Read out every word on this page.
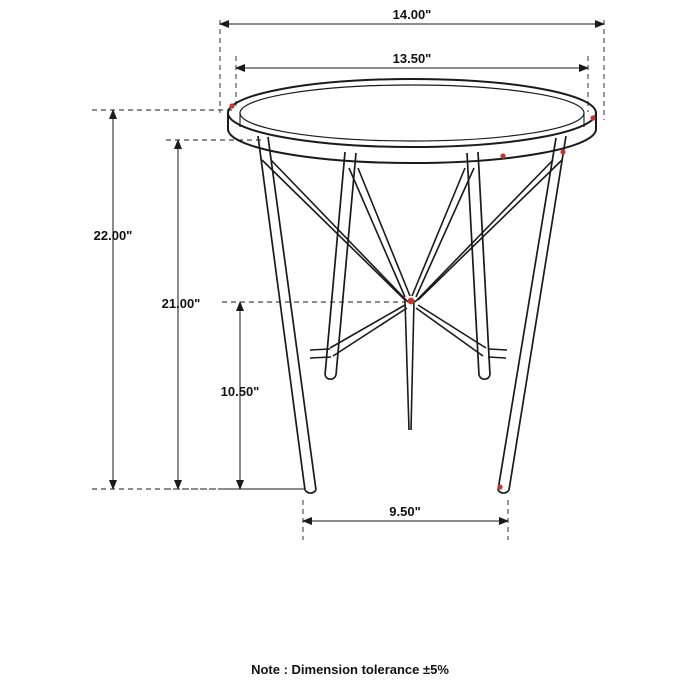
14.00"
13.50"
22.00"
21.00"
10.50"
9.50"
Note : Dimension tolerance ±5%
